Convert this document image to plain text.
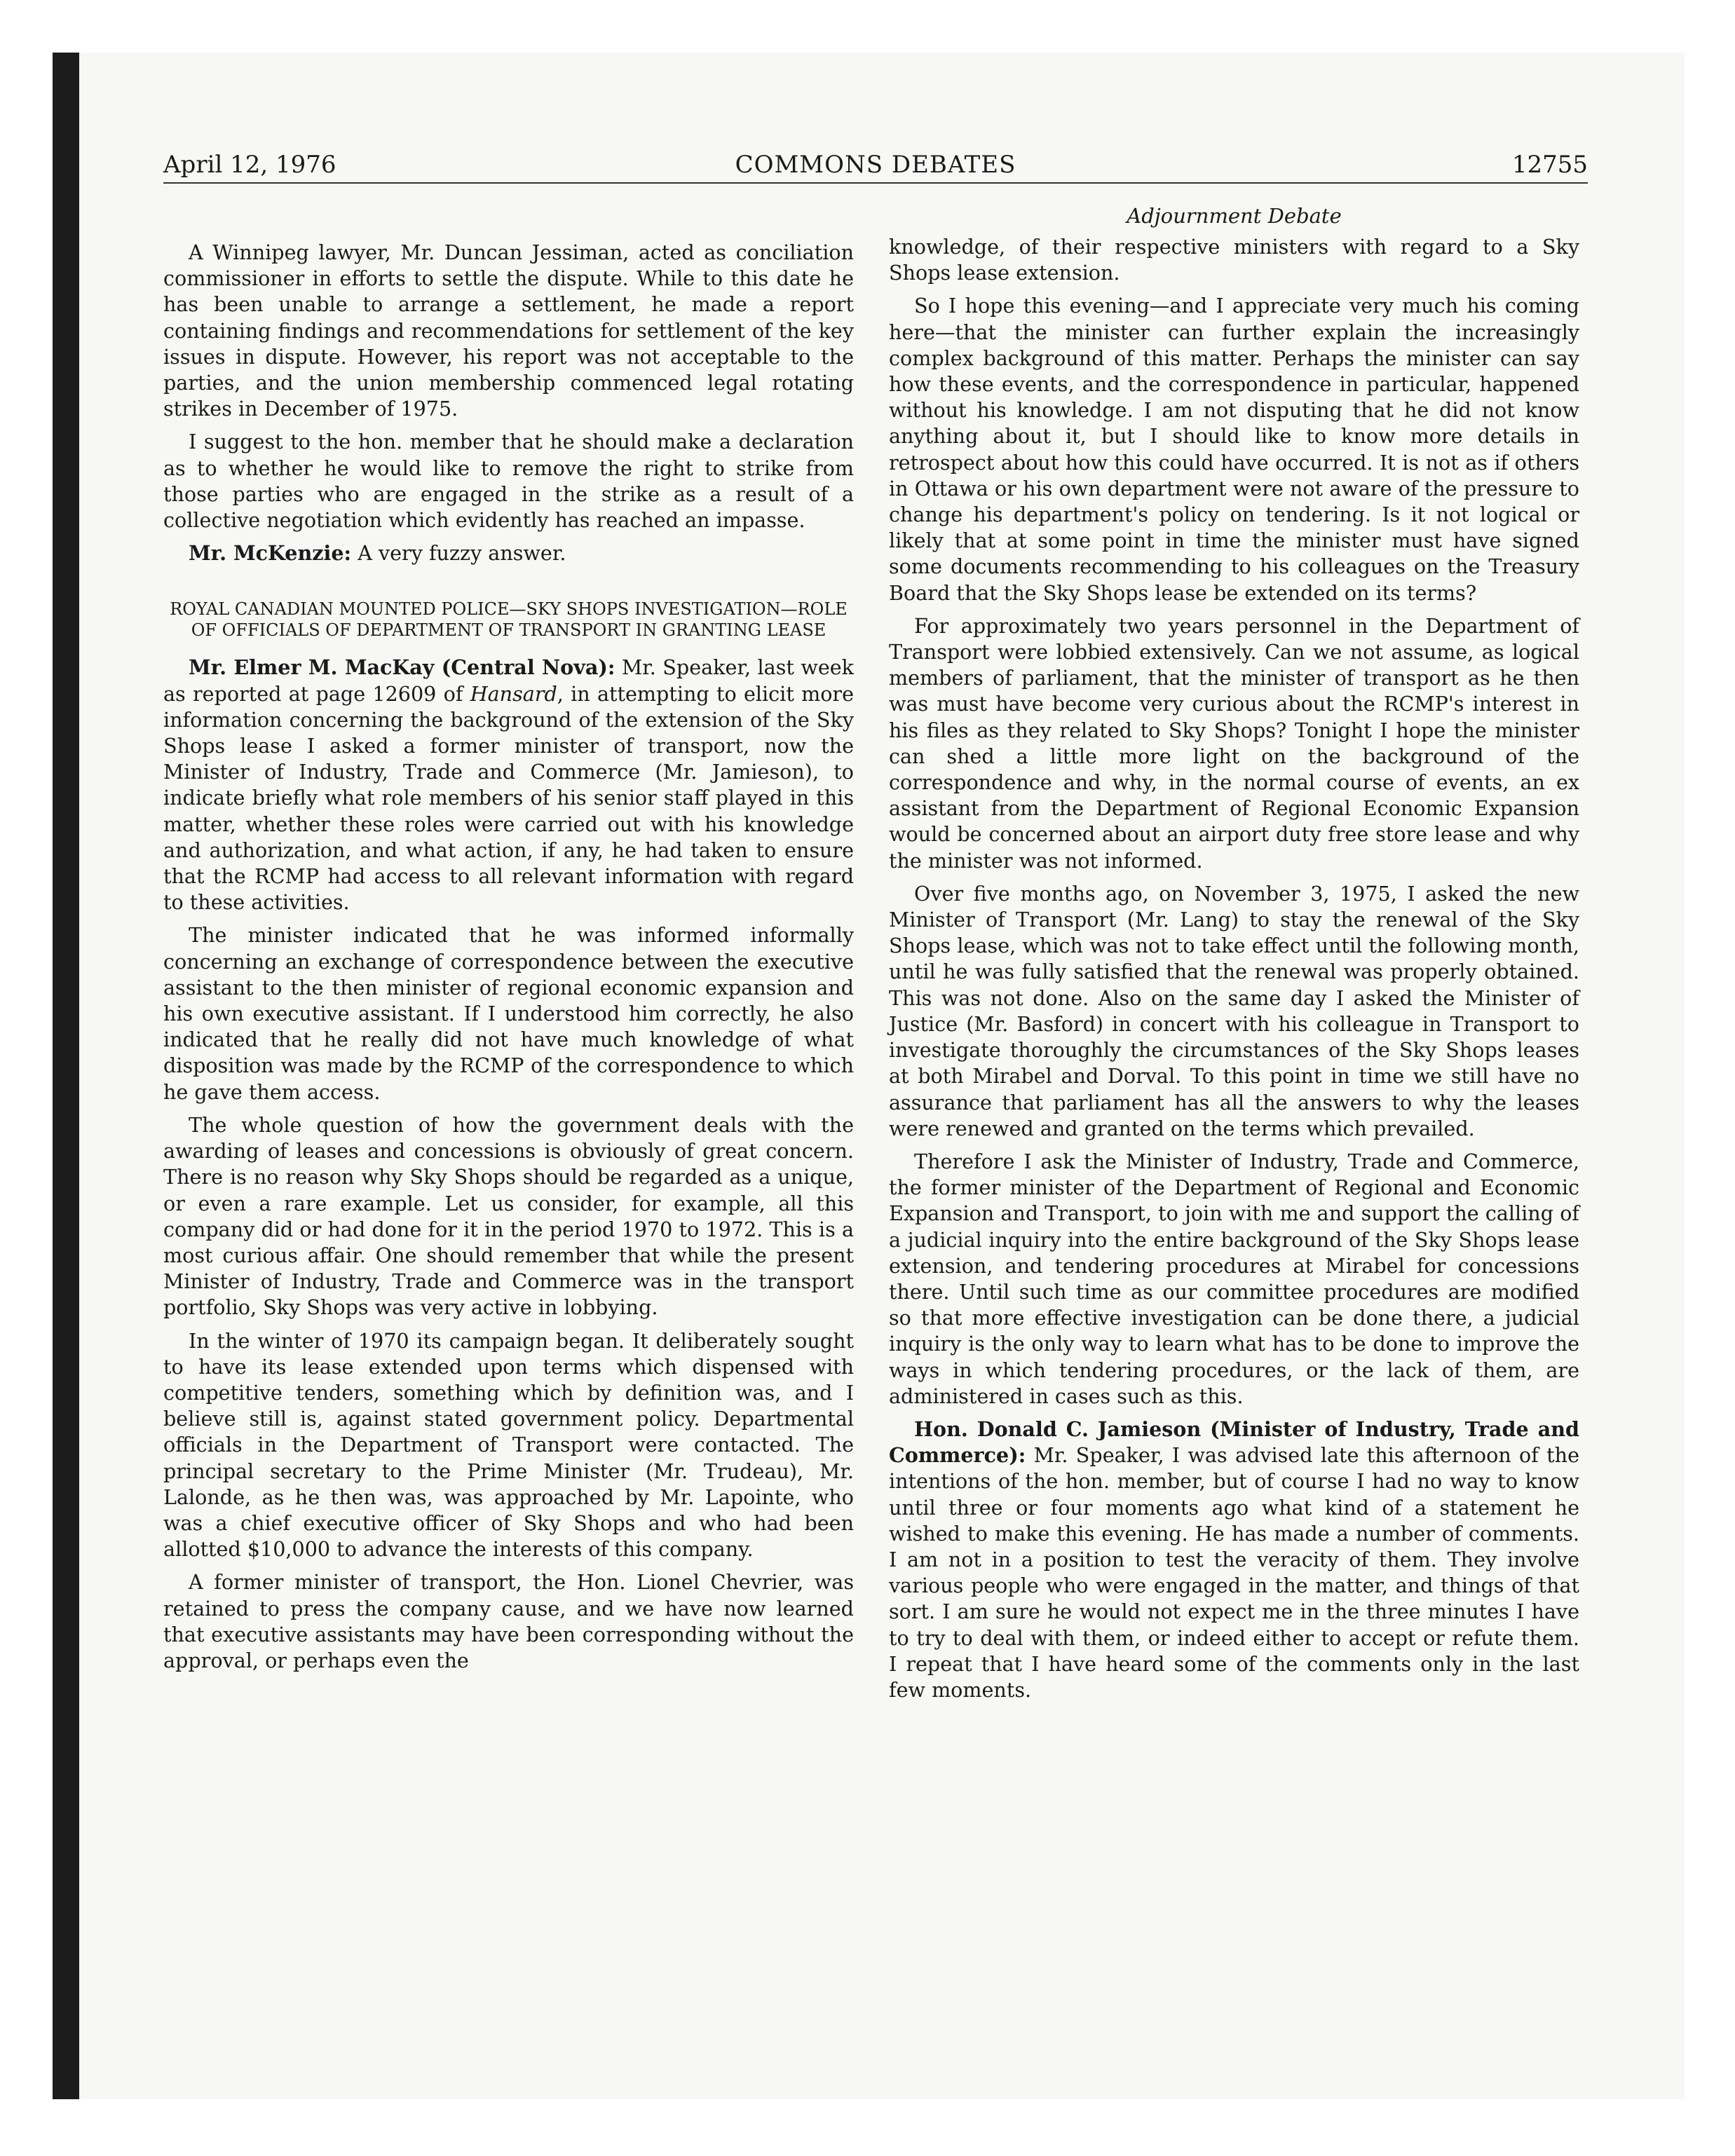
April 12, 1976	COMMONS DEBATES	12755

A Winnipeg lawyer, Mr. Duncan Jessiman, acted as conciliation commissioner in efforts to settle the dispute. While to this date he has been unable to arrange a settlement, he made a report containing findings and recommendations for settlement of the key issues in dispute. However, his report was not acceptable to the parties, and the union membership commenced legal rotating strikes in December of 1975.

I suggest to the hon. member that he should make a declaration as to whether he would like to remove the right to strike from those parties who are engaged in the strike as a result of a collective negotiation which evidently has reached an impasse.

Mr. McKenzie: A very fuzzy answer.

ROYAL CANADIAN MOUNTED POLICE—SKY SHOPS INVESTIGATION—ROLE OF OFFICIALS OF DEPARTMENT OF TRANSPORT IN GRANTING LEASE

Mr. Elmer M. MacKay (Central Nova): Mr. Speaker, last week as reported at page 12609 of Hansard, in attempting to elicit more information concerning the background of the extension of the Sky Shops lease I asked a former minister of transport, now the Minister of Industry, Trade and Commerce (Mr. Jamieson), to indicate briefly what role members of his senior staff played in this matter, whether these roles were carried out with his knowledge and authorization, and what action, if any, he had taken to ensure that the RCMP had access to all relevant information with regard to these activities.

The minister indicated that he was informed informally concerning an exchange of correspondence between the executive assistant to the then minister of regional economic expansion and his own executive assistant. If I understood him correctly, he also indicated that he really did not have much knowledge of what disposition was made by the RCMP of the correspondence to which he gave them access.

The whole question of how the government deals with the awarding of leases and concessions is obviously of great concern. There is no reason why Sky Shops should be regarded as a unique, or even a rare example. Let us consider, for example, all this company did or had done for it in the period 1970 to 1972. This is a most curious affair. One should remember that while the present Minister of Industry, Trade and Commerce was in the transport portfolio, Sky Shops was very active in lobbying.

In the winter of 1970 its campaign began. It deliberately sought to have its lease extended upon terms which dispensed with competitive tenders, something which by definition was, and I believe still is, against stated government policy. Departmental officials in the Department of Transport were contacted. The principal secretary to the Prime Minister (Mr. Trudeau), Mr. Lalonde, as he then was, was approached by Mr. Lapointe, who was a chief executive officer of Sky Shops and who had been allotted $10,000 to advance the interests of this company.

A former minister of transport, the Hon. Lionel Chevrier, was retained to press the company cause, and we have now learned that executive assistants may have been corresponding without the approval, or perhaps even the

Adjournment Debate

knowledge, of their respective ministers with regard to a Sky Shops lease extension.

So I hope this evening—and I appreciate very much his coming here—that the minister can further explain the increasingly complex background of this matter. Perhaps the minister can say how these events, and the correspondence in particular, happened without his knowledge. I am not disputing that he did not know anything about it, but I should like to know more details in retrospect about how this could have occurred. It is not as if others in Ottawa or his own department were not aware of the pressure to change his department's policy on tendering. Is it not logical or likely that at some point in time the minister must have signed some documents recommending to his colleagues on the Treasury Board that the Sky Shops lease be extended on its terms?

For approximately two years personnel in the Department of Transport were lobbied extensively. Can we not assume, as logical members of parliament, that the minister of transport as he then was must have become very curious about the RCMP's interest in his files as they related to Sky Shops? Tonight I hope the minister can shed a little more light on the background of the correspondence and why, in the normal course of events, an ex assistant from the Department of Regional Economic Expansion would be concerned about an airport duty free store lease and why the minister was not informed.

Over five months ago, on November 3, 1975, I asked the new Minister of Transport (Mr. Lang) to stay the renewal of the Sky Shops lease, which was not to take effect until the following month, until he was fully satisfied that the renewal was properly obtained. This was not done. Also on the same day I asked the Minister of Justice (Mr. Basford) in concert with his colleague in Transport to investigate thoroughly the circumstances of the Sky Shops leases at both Mirabel and Dorval. To this point in time we still have no assurance that parliament has all the answers to why the leases were renewed and granted on the terms which prevailed.

Therefore I ask the Minister of Industry, Trade and Commerce, the former minister of the Department of Regional and Economic Expansion and Transport, to join with me and support the calling of a judicial inquiry into the entire background of the Sky Shops lease extension, and tendering procedures at Mirabel for concessions there. Until such time as our committee procedures are modified so that more effective investigation can be done there, a judicial inquiry is the only way to learn what has to be done to improve the ways in which tendering procedures, or the lack of them, are administered in cases such as this.

Hon. Donald C. Jamieson (Minister of Industry, Trade and Commerce): Mr. Speaker, I was advised late this afternoon of the intentions of the hon. member, but of course I had no way to know until three or four moments ago what kind of a statement he wished to make this evening. He has made a number of comments. I am not in a position to test the veracity of them. They involve various people who were engaged in the matter, and things of that sort. I am sure he would not expect me in the three minutes I have to try to deal with them, or indeed either to accept or refute them. I repeat that I have heard some of the comments only in the last few moments.
